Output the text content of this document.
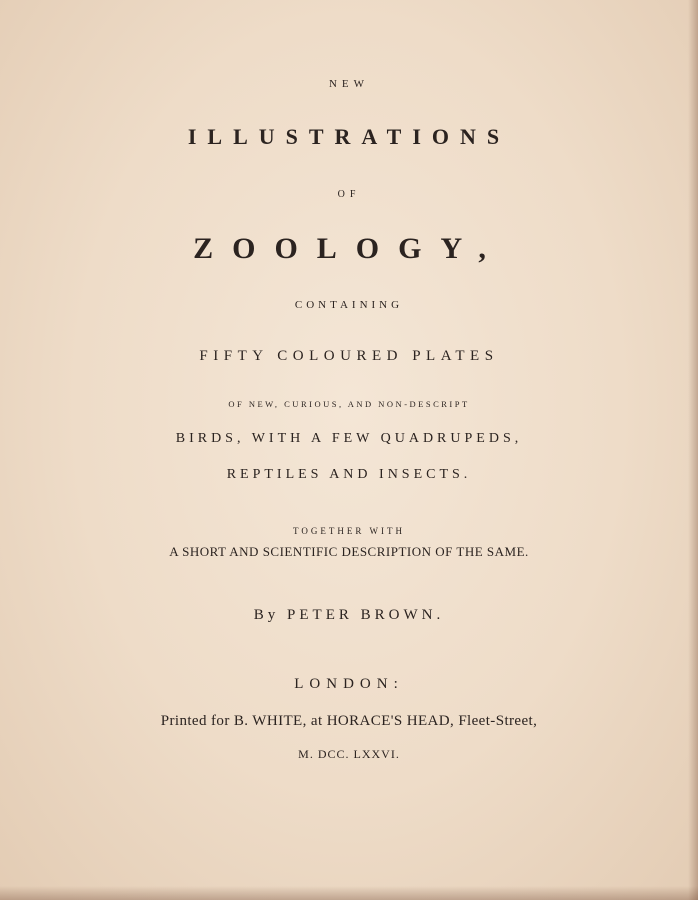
NEW
ILLUSTRATIONS
OF
ZOOLOGY,
CONTAINING
FIFTY COLOURED PLATES
OF NEW, CURIOUS, AND NON-DESCRIPT
BIRDS, WITH A FEW QUADRUPEDS,
REPTILES AND INSECTS.
TOGETHER WITH
A SHORT AND SCIENTIFIC DESCRIPTION OF THE SAME.
By PETER BROWN.
LONDON:
Printed for B. WHITE, at HORACE'S HEAD, Fleet-Street,
M. DCC. LXXVI.
